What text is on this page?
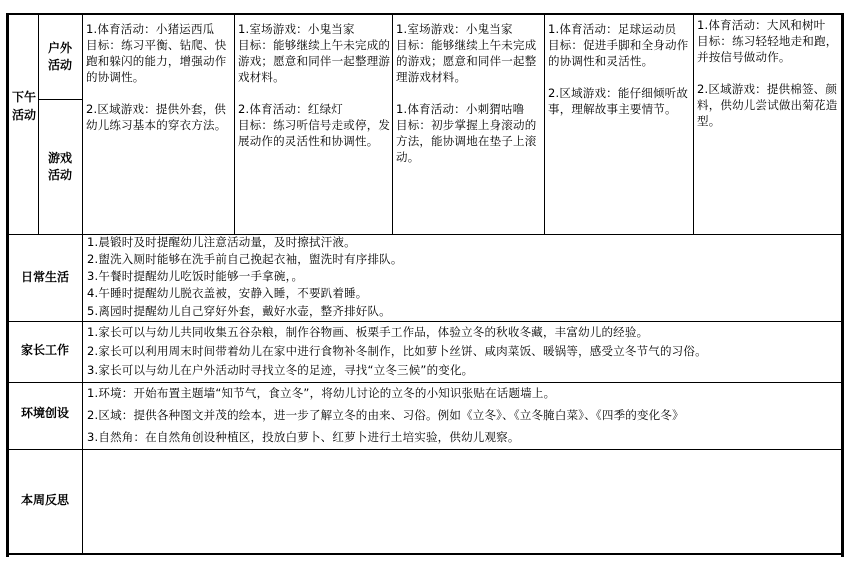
下午活动
户外活动
游戏活动
1.体育活动：小猪运西瓜
目标：练习平衡、钻爬、快跑和躲闪的能力，增强动作的协调性。

2.区域游戏：提供外套，供幼儿练习基本的穿衣方法。
1.室场游戏：小鬼当家
目标：能够继续上午未完成的游戏；愿意和同伴一起整理游戏材料。

2.体育活动：红绿灯
目标：练习听信号走或停，发展动作的灵活性和协调性。
1.室场游戏：小鬼当家
目标：能够继续上午未完成的游戏；愿意和同伴一起整理游戏材料。

1.体育活动：小刺猬咕噜
目标：初步掌握上身滚动的方法，能协调地在垫子上滚动。
1.体育活动：足球运动员
目标：促进手脚和全身动作的协调性和灵活性。

2.区域游戏：能仔细倾听故事，理解故事主要情节。
1.体育活动：大风和树叶
目标：练习轻轻地走和跑，并按信号做动作。

2.区域游戏：提供棉签、颜料，供幼儿尝试做出菊花造型。
日常生活
1.晨锻时及时提醒幼儿注意活动量，及时擦拭汗液。
2.盥洗入厕时能够在洗手前自己挽起衣袖，盥洗时有序排队。
3.午餐时提醒幼儿吃饭时能够一手拿碗，。
4.午睡时提醒幼儿脱衣盖被，安静入睡，不要趴着睡。
5.离园时提醒幼儿自己穿好外套，戴好水壶，整齐排好队。
家长工作
1.家长可以与幼儿共同收集五谷杂粮，制作谷物画、板栗手工作品，体验立冬的秋收冬藏，丰富幼儿的经验。
2.家长可以利用周末时间带着幼儿在家中进行食物补冬制作，比如萝卜丝饼、咸肉菜饭、暖锅等，感受立冬节气的习俗。
3.家长可以与幼儿在户外活动时寻找立冬的足迹，寻找“立冬三候”的变化。
环境创设
1.环境：开始布置主题墙“知节气，食立冬”，将幼儿讨论的立冬的小知识张贴在话题墙上。
2.区域：提供各种图文并茂的绘本，进一步了解立冬的由来、习俗。例如《立冬》、《立冬腌白菜》、《四季的变化冬》
3.自然角：在自然角创设种植区，投放白萝卜、红萝卜进行土培实验，供幼儿观察。
本周反思
